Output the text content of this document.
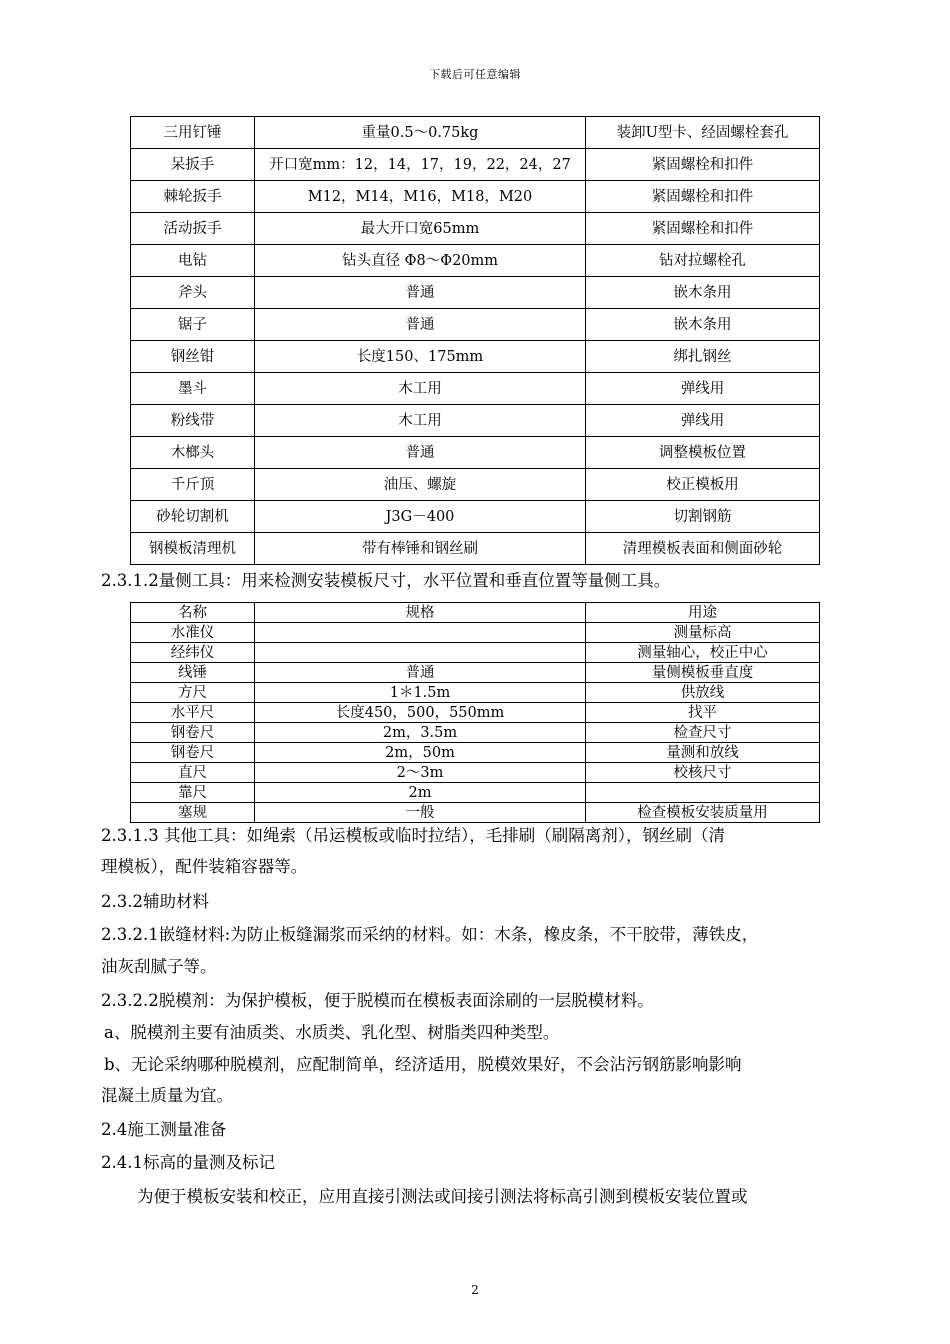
下载后可任意编辑
三用钉锤	重量0.5～0.75kg	装卸U型卡、经固螺栓套孔
呆扳手	开口宽mm：12，14，17，19，22，24，27	紧固螺栓和扣件
棘轮扳手	M12，M14，M16，M18，M20	紧固螺栓和扣件
活动扳手	最大开口宽65mm	紧固螺栓和扣件
电钻	钻头直径 Φ8～Φ20mm	钻对拉螺栓孔
斧头	普通	嵌木条用
锯子	普通	嵌木条用
钢丝钳	长度150、175mm	绑扎钢丝
墨斗	木工用	弹线用
粉线带	木工用	弹线用
木榔头	普通	调整模板位置
千斤顶	油压、螺旋	校正模板用
砂轮切割机	J3G－400	切割钢筋
钢模板清理机	带有棒锤和钢丝刷	清理模板表面和侧面砂轮
2.3.1.2量侧工具：用来检测安装模板尺寸，水平位置和垂直位置等量侧工具。
名称	规格	用途
水准仪		测量标高
经纬仪		测量轴心，校正中心
线锤	普通	量侧模板垂直度
方尺	1＊1.5m	供放线
水平尺	长度450，500，550mm	找平
钢卷尺	2m，3.5m	检查尺寸
钢卷尺	2m，50m	量测和放线
直尺	2～3m	校核尺寸
靠尺	2m	
塞规	一般	检查模板安装质量用
2.3.1.3 其他工具：如绳索（吊运模板或临时拉结），毛排刷（刷隔离剂），钢丝刷（清
理模板），配件装箱容器等。
2.3.2辅助材料
2.3.2.1嵌缝材料:为防止板缝漏浆而采纳的材料。如：木条，橡皮条，不干胶带，薄铁皮，
油灰刮腻子等。
2.3.2.2脱模剂：为保护模板，便于脱模而在模板表面涂刷的一层脱模材料。
a、脱模剂主要有油质类、水质类、乳化型、树脂类四种类型。
b、无论采纳哪种脱模剂，应配制简单，经济适用，脱模效果好，不会沾污钢筋影响影响
混凝土质量为宜。
2.4施工测量准备
2.4.1标高的量测及标记
为便于模板安装和校正，应用直接引测法或间接引测法将标高引测到模板安装位置或
2
